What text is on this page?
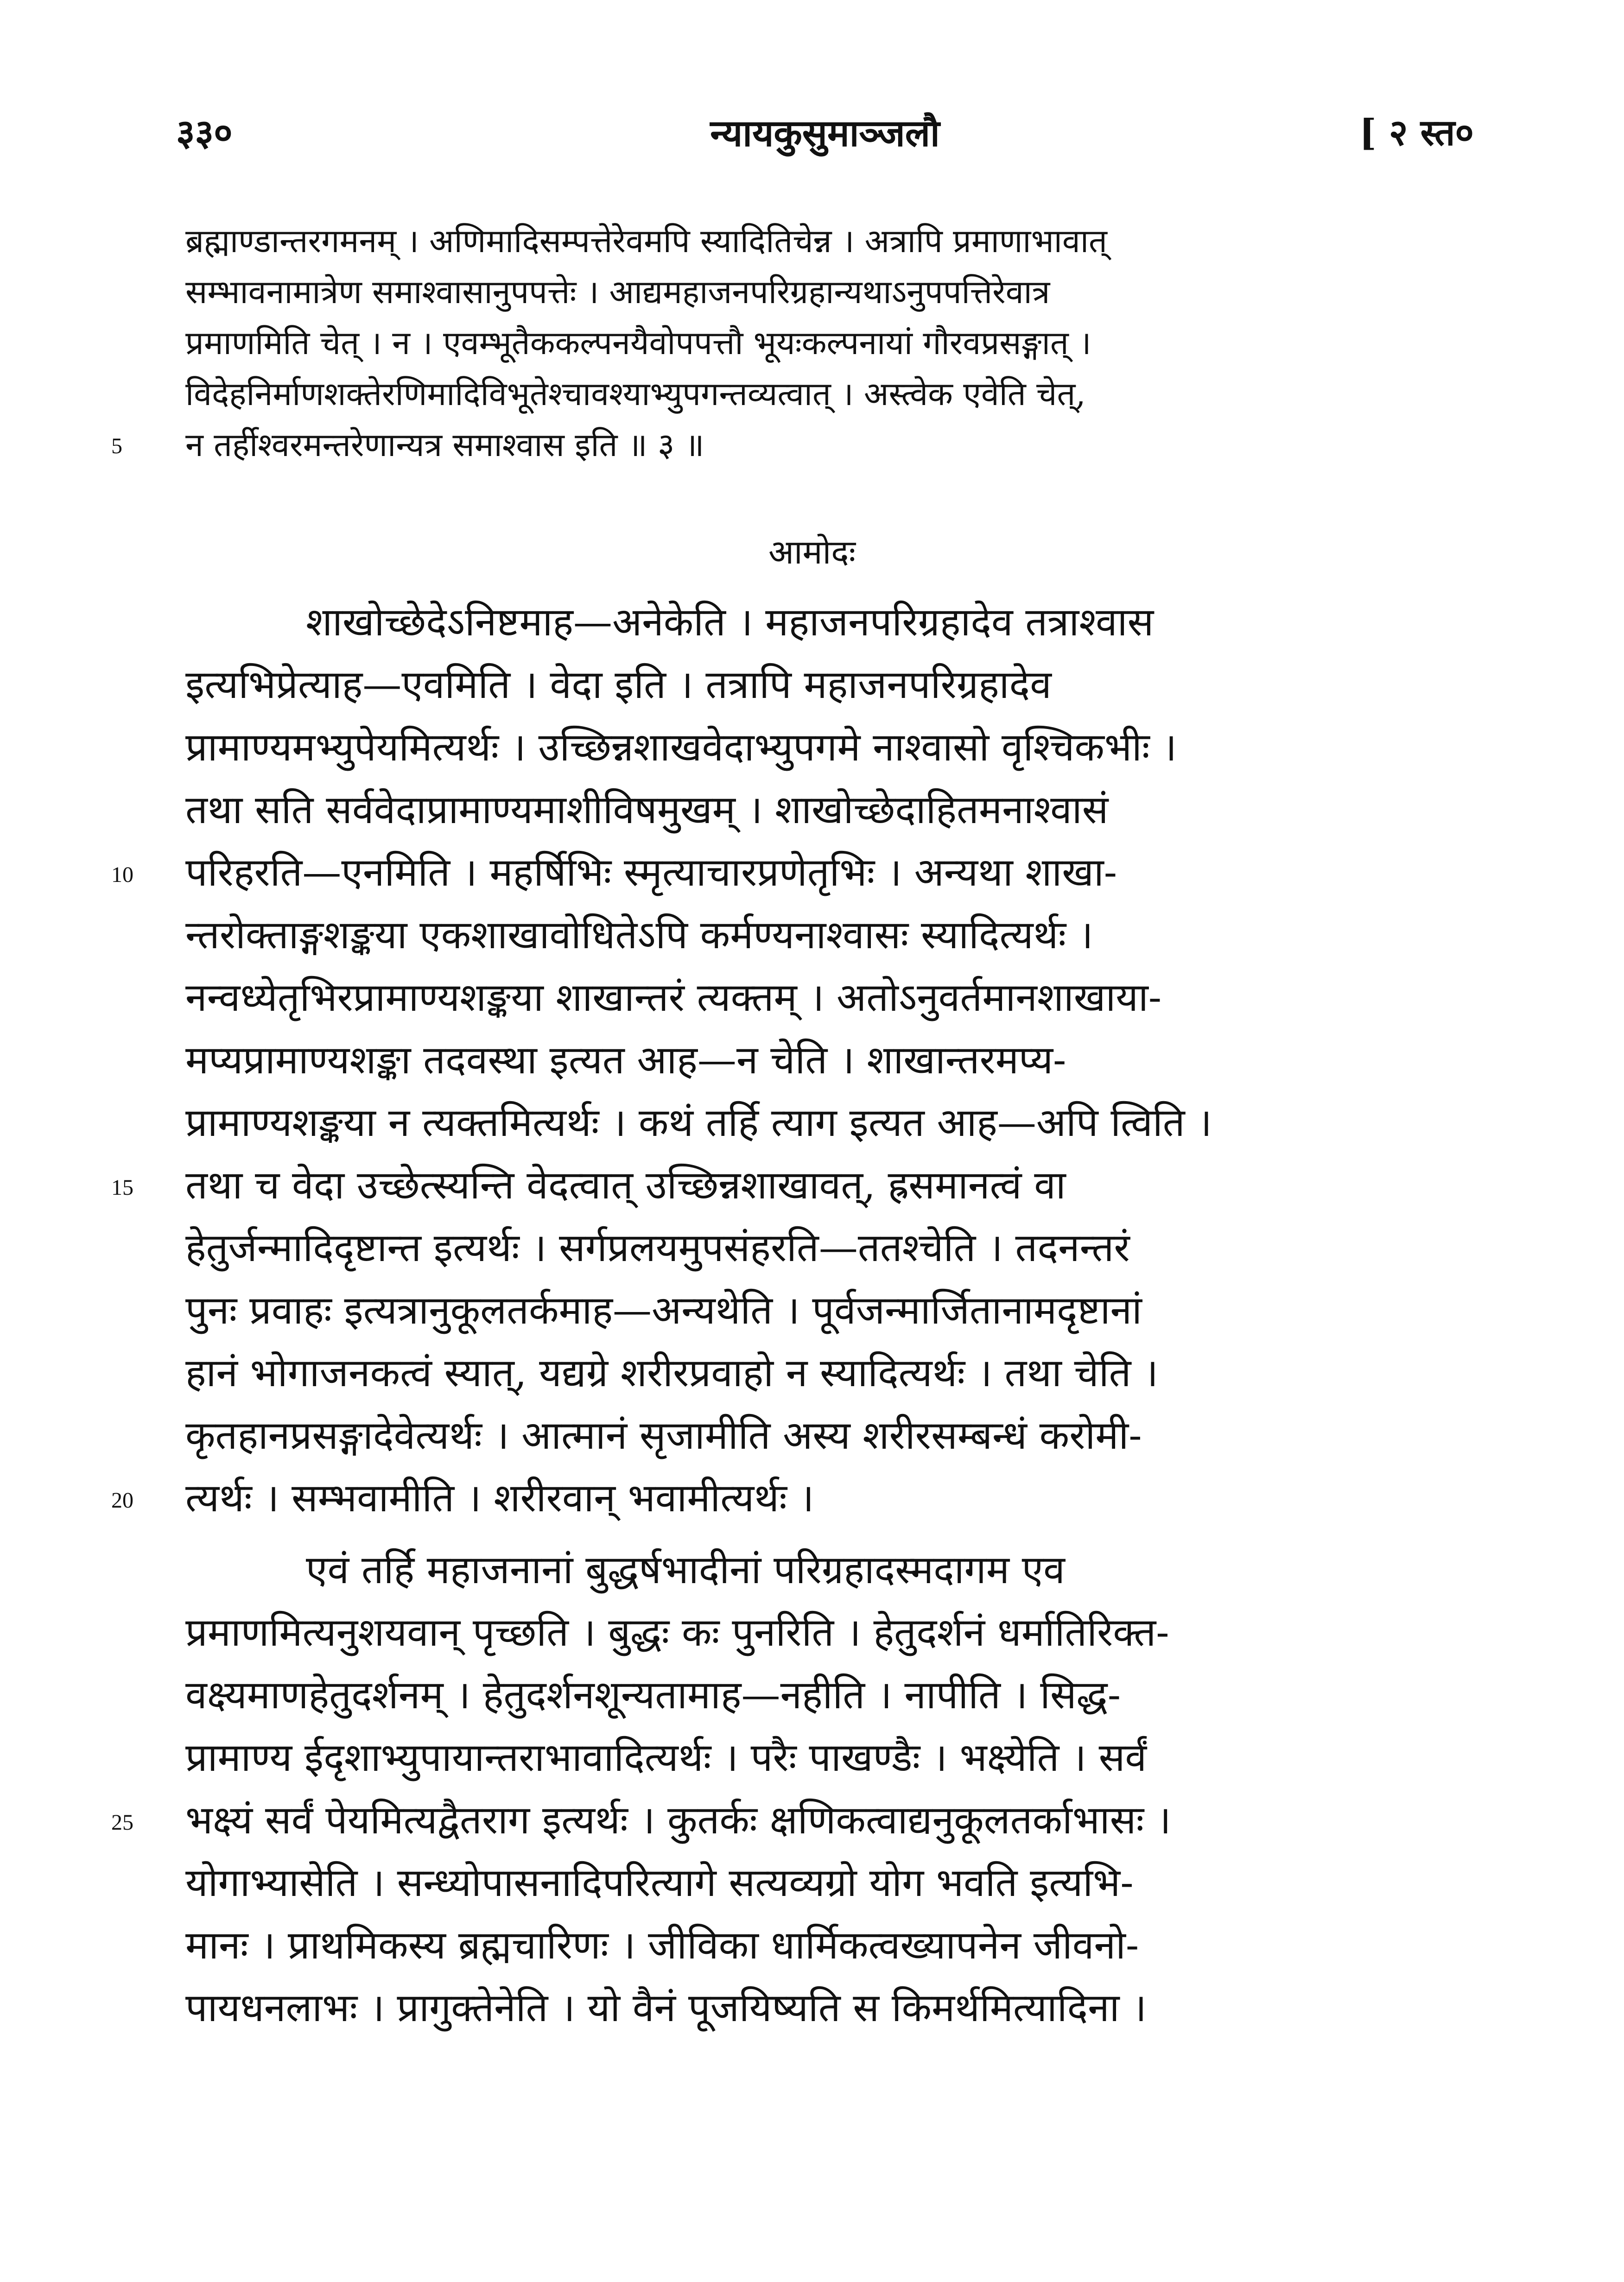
३३०	न्यायकुसुमाञ्जलौ	[ २ स्त०
ब्रह्माण्डान्तरगमनम् । अणिमादिसम्पत्तेरेवमपि स्यादितिचेन्न । अत्रापि प्रमाणाभावात्
सम्भावनामात्रेण समाश्वासानुपपत्तेः । आद्यमहाजनपरिग्रहान्यथाऽनुपपत्तिरेवात्र
प्रमाणमिति चेत् । न । एवम्भूतैककल्पनयैवोपपत्तौ भूयःकल्पनायां गौरवप्रसङ्गात् ।
विदेहनिर्माणशक्तेरणिमादिविभूतेश्चावश्याभ्युपगन्तव्यत्वात् । अस्त्वेक एवेति चेत्,
न तर्हीश्वरमन्तरेणान्यत्र समाश्वास इति ॥ ३ ॥
5
आमोदः
शाखोच्छेदेऽनिष्टमाह—अनेकेति । महाजनपरिग्रहादेव तत्राश्वास
इत्यभिप्रेत्याह—एवमिति । वेदा इति । तत्रापि महाजनपरिग्रहादेव
प्रामाण्यमभ्युपेयमित्यर्थः । उच्छिन्नशाखवेदाभ्युपगमे नाश्वासो वृश्चिकभीः ।
तथा सति सर्ववेदाप्रामाण्यमाशीविषमुखम् । शाखोच्छेदाहितमनाश्वासं
परिहरति—एनमिति । महर्षिभिः स्मृत्याचारप्रणेतृभिः । अन्यथा शाखा-
10
न्तरोक्ताङ्गशङ्कया एकशाखावोधितेऽपि कर्मण्यनाश्वासः स्यादित्यर्थः ।
नन्वध्येतृभिरप्रामाण्यशङ्कया शाखान्तरं त्यक्तम् । अतोऽनुवर्तमानशाखाया-
मप्यप्रामाण्यशङ्का तदवस्था इत्यत आह—न चेति । शाखान्तरमप्य-
प्रामाण्यशङ्कया न त्यक्तमित्यर्थः । कथं तर्हि त्याग इत्यत आह—अपि त्विति ।
तथा च वेदा उच्छेत्स्यन्ति वेदत्वात् उच्छिन्नशाखावत्, ह्रसमानत्वं वा
15
हेतुर्जन्मादिदृष्टान्त इत्यर्थः । सर्गप्रलयमुपसंहरति—ततश्चेति । तदनन्तरं
पुनः प्रवाहः इत्यत्रानुकूलतर्कमाह—अन्यथेति । पूर्वजन्मार्जितानामदृष्टानां
हानं भोगाजनकत्वं स्यात्, यद्यग्रे शरीरप्रवाहो न स्यादित्यर्थः । तथा चेति ।
कृतहानप्रसङ्गादेवेत्यर्थः । आत्मानं सृजामीति अस्य शरीरसम्बन्धं करोमी-
त्यर्थः । सम्भवामीति । शरीरवान् भवामीत्यर्थः ।
20
एवं तर्हि महाजनानां बुद्धर्षभादीनां परिग्रहादस्मदागम एव
प्रमाणमित्यनुशयवान् पृच्छति । बुद्धः कः पुनरिति । हेतुदर्शनं धर्मातिरिक्त-
वक्ष्यमाणहेतुदर्शनम् । हेतुदर्शनशून्यतामाह—नहीति । नापीति । सिद्ध-
प्रामाण्य ईदृशाभ्युपायान्तराभावादित्यर्थः । परैः पाखण्डैः । भक्ष्येति । सर्वं
भक्ष्यं सर्वं पेयमित्यद्वैतराग इत्यर्थः । कुतर्कः क्षणिकत्वाद्यनुकूलतर्काभासः ।
25
योगाभ्यासेति । सन्ध्योपासनादिपरित्यागे सत्यव्यग्रो योग भवति इत्यभि-
मानः । प्राथमिकस्य ब्रह्मचारिणः । जीविका धार्मिकत्वख्यापनेन जीवनो-
पायधनलाभः । प्रागुक्तेनेति । यो वैनं पूजयिष्यति स किमर्थमित्यादिना ।
